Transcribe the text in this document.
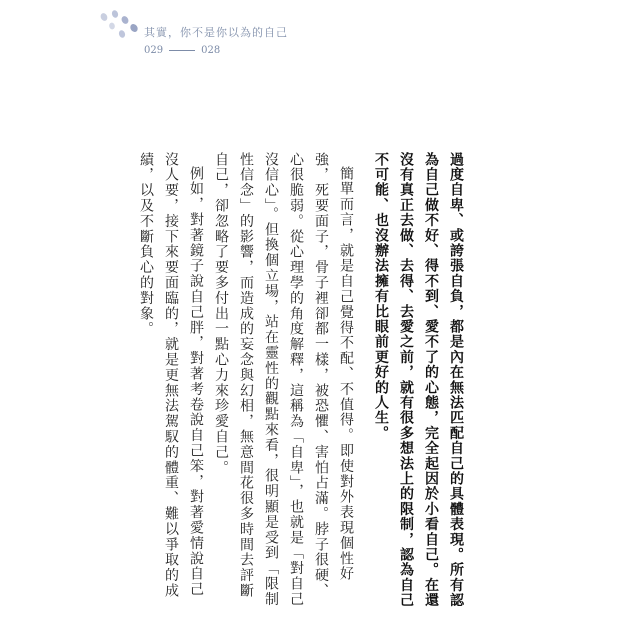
其實，你不是你以為的自己
029	028

過度自卑、或誇張自負，都是內在無法匹配自己的具體表現。所有認為自己做不好、得不到、愛不了的心態，完全起因於小看自己。在還沒有真正去做、去得、去愛之前，就有很多想法上的限制，認為自己不可能、也沒辦法擁有比眼前更好的人生。

簡單而言，就是自己覺得不配、不值得。即使對外表現個性好強，死要面子，骨子裡卻都一樣，被恐懼、害怕占滿。脖子很硬、心很脆弱。從心理學的角度解釋，這稱為「自卑」，也就是「對自己沒信心」。但換個立場，站在靈性的觀點來看，很明顯是受到「限制性信念」的影響，而造成的妄念與幻相，無意間花很多時間去評斷自己，卻忽略了要多付出一點心力來珍愛自己。

例如，對著鏡子說自己胖，對著考卷說自己笨，對著愛情說自己沒人要，接下來要面臨的，就是更無法駕馭的體重、難以爭取的成績，以及不斷負心的對象。
